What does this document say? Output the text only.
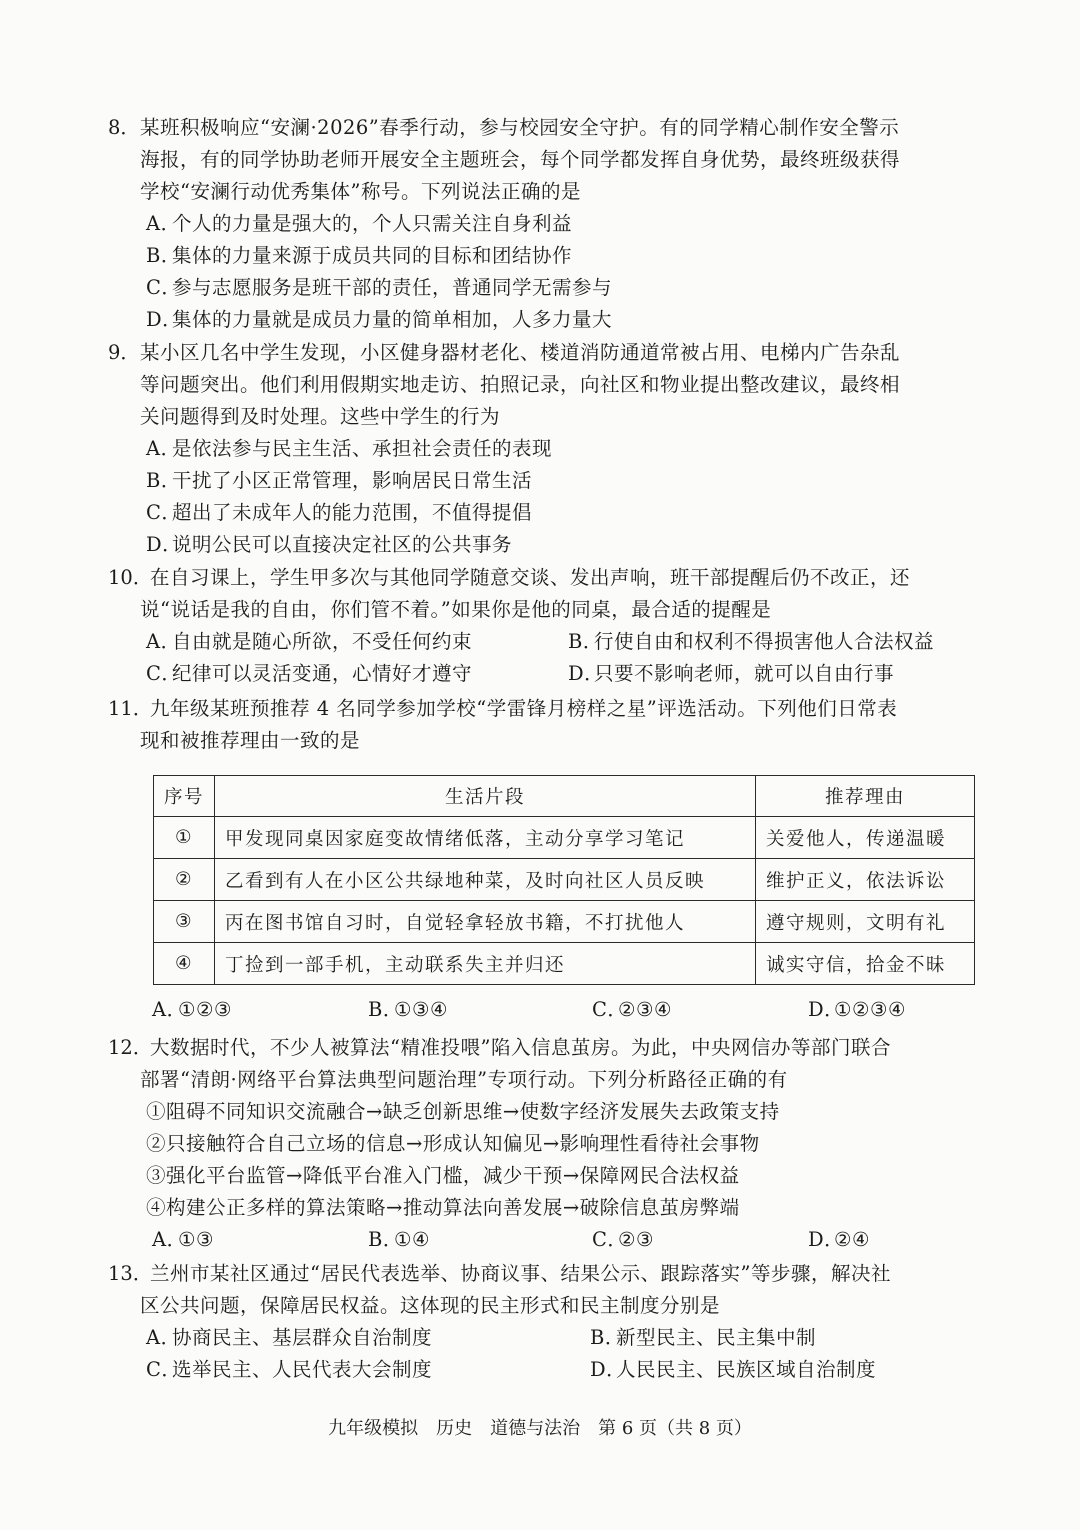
8． 某班积极响应“安澜·2026”春季行动，参与校园安全守护。有的同学精心制作安全警示
海报，有的同学协助老师开展安全主题班会，每个同学都发挥自身优势，最终班级获得
学校“安澜行动优秀集体”称号。下列说法正确的是
A．个人的力量是强大的，个人只需关注自身利益
B．集体的力量来源于成员共同的目标和团结协作
C．参与志愿服务是班干部的责任，普通同学无需参与
D．集体的力量就是成员力量的简单相加，人多力量大
9． 某小区几名中学生发现，小区健身器材老化、楼道消防通道常被占用、电梯内广告杂乱
等问题突出。他们利用假期实地走访、拍照记录，向社区和物业提出整改建议，最终相
关问题得到及时处理。这些中学生的行为
A．是依法参与民主生活、承担社会责任的表现
B．干扰了小区正常管理，影响居民日常生活
C．超出了未成年人的能力范围，不值得提倡
D．说明公民可以直接决定社区的公共事务
10．
在自习课上，学生甲多次与其他同学随意交谈、发出声响，班干部提醒后仍不改正，还
说“说话是我的自由，你们管不着。”如果你是他的同桌，最合适的提醒是
A．自由就是随心所欲，不受任何约束	B．行使自由和权利不得损害他人合法权益
C．纪律可以灵活变通，心情好才遵守	D．只要不影响老师，就可以自由行事
11．
九年级某班预推荐 4 名同学参加学校“学雷锋月榜样之星”评选活动。下列他们日常表
现和被推荐理由一致的是
序号	生活片段	推荐理由
①	甲发现同桌因家庭变故情绪低落，主动分享学习笔记	关爱他人，传递温暖
②	乙看到有人在小区公共绿地种菜，及时向社区人员反映	维护正义，依法诉讼
③	丙在图书馆自习时，自觉轻拿轻放书籍，不打扰他人	遵守规则，文明有礼
④	丁捡到一部手机，主动联系失主并归还	诚实守信，拾金不昧
A．①②③	B．①③④	C．②③④	D．①②③④
12．
大数据时代，不少人被算法“精准投喂”陷入信息茧房。为此，中央网信办等部门联合
部署“清朗·网络平台算法典型问题治理”专项行动。下列分析路径正确的有
①阻碍不同知识交流融合→缺乏创新思维→使数字经济发展失去政策支持
②只接触符合自己立场的信息→形成认知偏见→影响理性看待社会事物
③强化平台监管→降低平台准入门槛，减少干预→保障网民合法权益
④构建公正多样的算法策略→推动算法向善发展→破除信息茧房弊端
A．①③	B．①④	C．②③	D．②④
13．
兰州市某社区通过“居民代表选举、协商议事、结果公示、跟踪落实”等步骤，解决社
区公共问题，保障居民权益。这体现的民主形式和民主制度分别是
A．协商民主、基层群众自治制度	B．新型民主、民主集中制
C．选举民主、人民代表大会制度	D．人民民主、民族区域自治制度
九年级模拟　历史　道德与法治　第 6 页（共 8 页）
